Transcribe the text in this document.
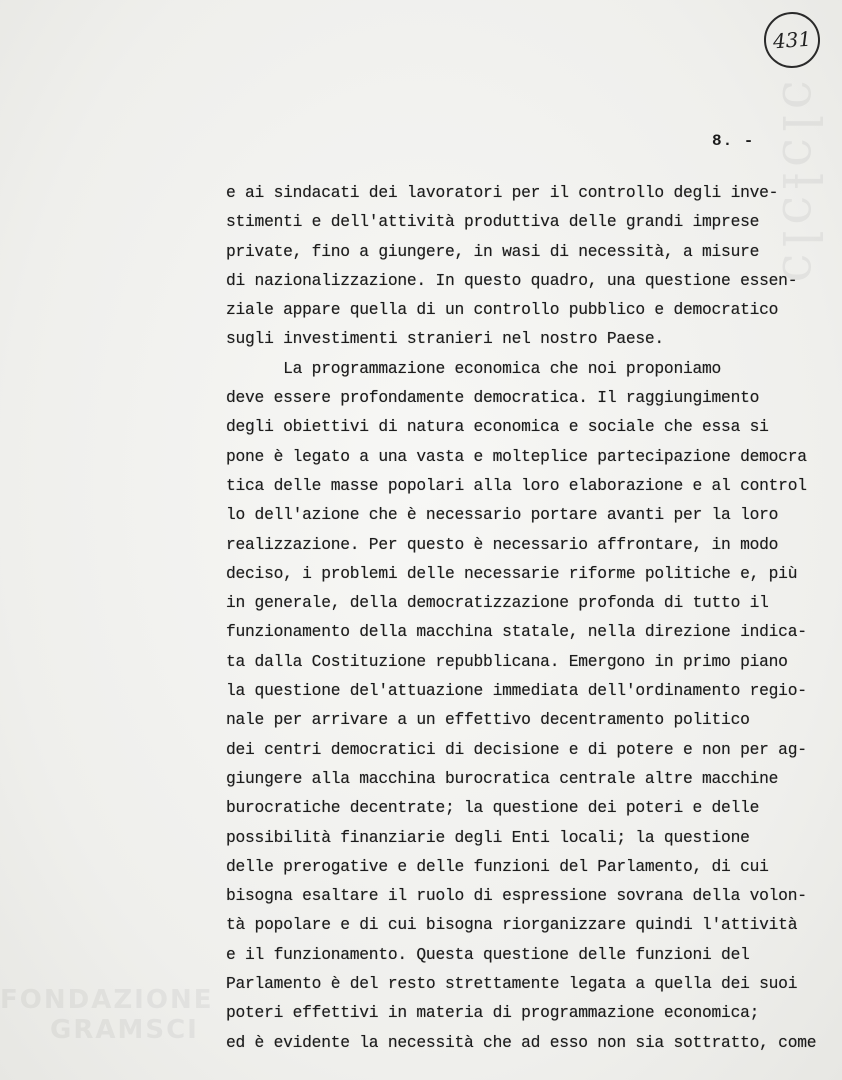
ɔlɔƚɔlɔ
431
8. -
e ai sindacati dei lavoratori per il controllo degli inve-
stimenti e dell'attività produttiva delle grandi imprese
private, fino a giungere, in wasi di necessità, a misure
di nazionalizzazione. In questo quadro, una questione essen-
ziale appare quella di un controllo pubblico e democratico
sugli investimenti stranieri nel nostro Paese.
La programmazione economica che noi proponiamo
deve essere profondamente democratica. Il raggiungimento
degli obiettivi di natura economica e sociale che essa si
pone è legato a una vasta e molteplice partecipazione democra
tica delle masse popolari alla loro elaborazione e al control
lo dell'azione che è necessario portare avanti per la loro
realizzazione. Per questo è necessario affrontare, in modo
deciso, i problemi delle necessarie riforme politiche e, più
in generale, della democratizzazione profonda di tutto il
funzionamento della macchina statale, nella direzione indica-
ta dalla Costituzione repubblicana. Emergono in primo piano
la questione del'attuazione immediata dell'ordinamento regio-
nale per arrivare a un effettivo decentramento politico
dei centri democratici di decisione e di potere e non per ag-
giungere alla macchina burocratica centrale altre macchine
burocratiche decentrate; la questione dei poteri e delle
possibilità finanziarie degli Enti locali; la questione
delle prerogative e delle funzioni del Parlamento, di cui
bisogna esaltare il ruolo di espressione sovrana della volon-
tà popolare e di cui bisogna riorganizzare quindi l'attività
e il funzionamento. Questa questione delle funzioni del
Parlamento è del resto strettamente legata a quella dei suoi
poteri effettivi in materia di programmazione economica;
ed è evidente la necessità che ad esso non sia sottratto, come
FONDAZIONE
GRAMSCI
